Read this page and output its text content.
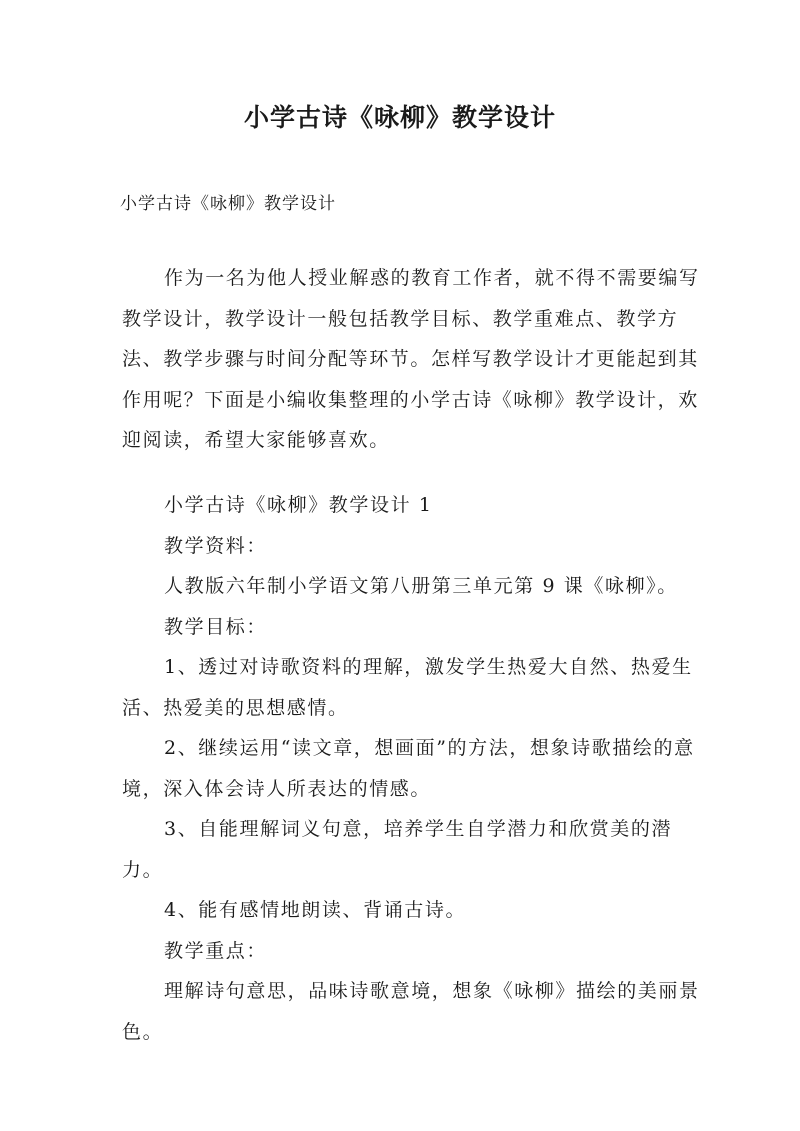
小学古诗《咏柳》教学设计

小学古诗《咏柳》教学设计

作为一名为他人授业解惑的教育工作者，就不得不需要编写教学设计，教学设计一般包括教学目标、教学重难点、教学方法、教学步骤与时间分配等环节。怎样写教学设计才更能起到其作用呢？下面是小编收集整理的小学古诗《咏柳》教学设计，欢迎阅读，希望大家能够喜欢。

小学古诗《咏柳》教学设计 1

教学资料：

人教版六年制小学语文第八册第三单元第 9 课《咏柳》。

教学目标：

1、透过对诗歌资料的理解，激发学生热爱大自然、热爱生活、热爱美的思想感情。

2、继续运用“读文章，想画面”的方法，想象诗歌描绘的意境，深入体会诗人所表达的情感。

3、自能理解词义句意，培养学生自学潜力和欣赏美的潜力。

4、能有感情地朗读、背诵古诗。

教学重点：

理解诗句意思，品味诗歌意境，想象《咏柳》描绘的美丽景色。
